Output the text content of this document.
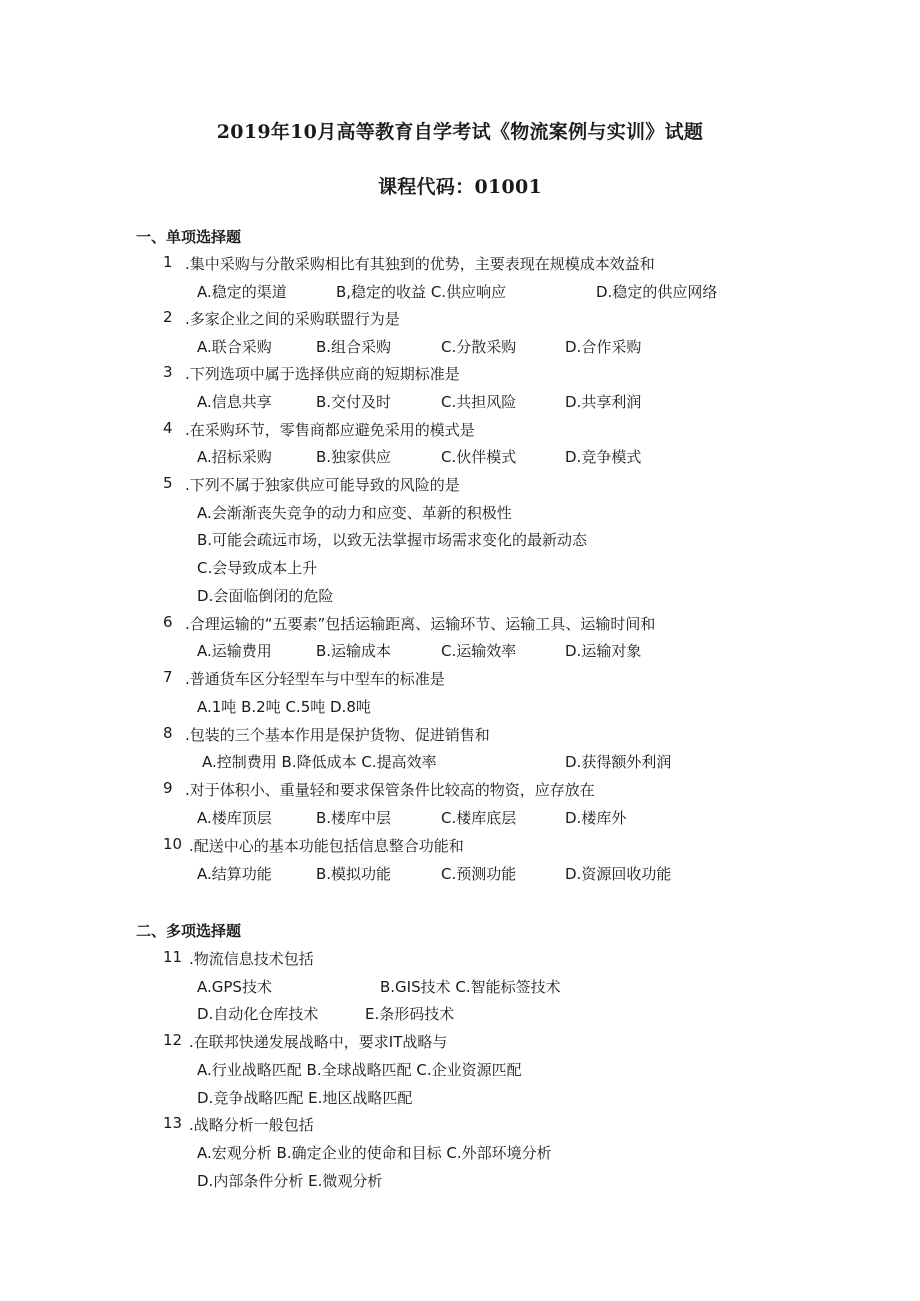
2019年10月高等教育自学考试《物流案例与实训》试题
课程代码：01001
一、单项选择题
1 .集中采购与分散采购相比有其独到的优势，主要表现在规模成本效益和
A.稳定的渠道	B,稳定的收益 C.供应响应	D.稳定的供应网络
2 .多家企业之间的采购联盟行为是
A.联合采购	B.组合采购	C.分散采购	D.合作采购
3 .下列选项中属于选择供应商的短期标准是
A.信息共享	B.交付及时	C.共担风险	D.共享利润
4 .在采购环节，零售商都应避免采用的模式是
A.招标采购	B.独家供应	C.伙伴模式	D.竞争模式
5 .下列不属于独家供应可能导致的风险的是
A.会渐渐丧失竞争的动力和应变、革新的积极性
B.可能会疏远市场，以致无法掌握市场需求变化的最新动态
C.会导致成本上升
D.会面临倒闭的危险
6 .合理运输的“五要素”包括运输距离、运输环节、运输工具、运输时间和
A.运输费用	B.运输成本	C.运输效率	D.运输对象
7 .普通货车区分轻型车与中型车的标准是
A.1吨 B.2吨 C.5吨 D.8吨
8 .包装的三个基本作用是保护货物、促进销售和
A.控制费用 B.降低成本 C.提高效率	D.获得额外利润
9 .对于体积小、重量轻和要求保管条件比较高的物资，应存放在
A.楼库顶层	B.楼库中层	C.楼库底层	D.楼库外
10 .配送中心的基本功能包括信息整合功能和
A.结算功能	B.模拟功能	C.预测功能	D.资源回收功能
二、多项选择题
11 .物流信息技术包括
A.GPS技术	B.GIS技术 C.智能标签技术
D.自动化仓库技术	E.条形码技术
12 .在联邦快递发展战略中，要求IT战略与
A.行业战略匹配 B.全球战略匹配 C.企业资源匹配
D.竞争战略匹配 E.地区战略匹配
13 .战略分析一般包括
A.宏观分析 B.确定企业的使命和目标 C.外部环境分析
D.内部条件分析 E.微观分析
